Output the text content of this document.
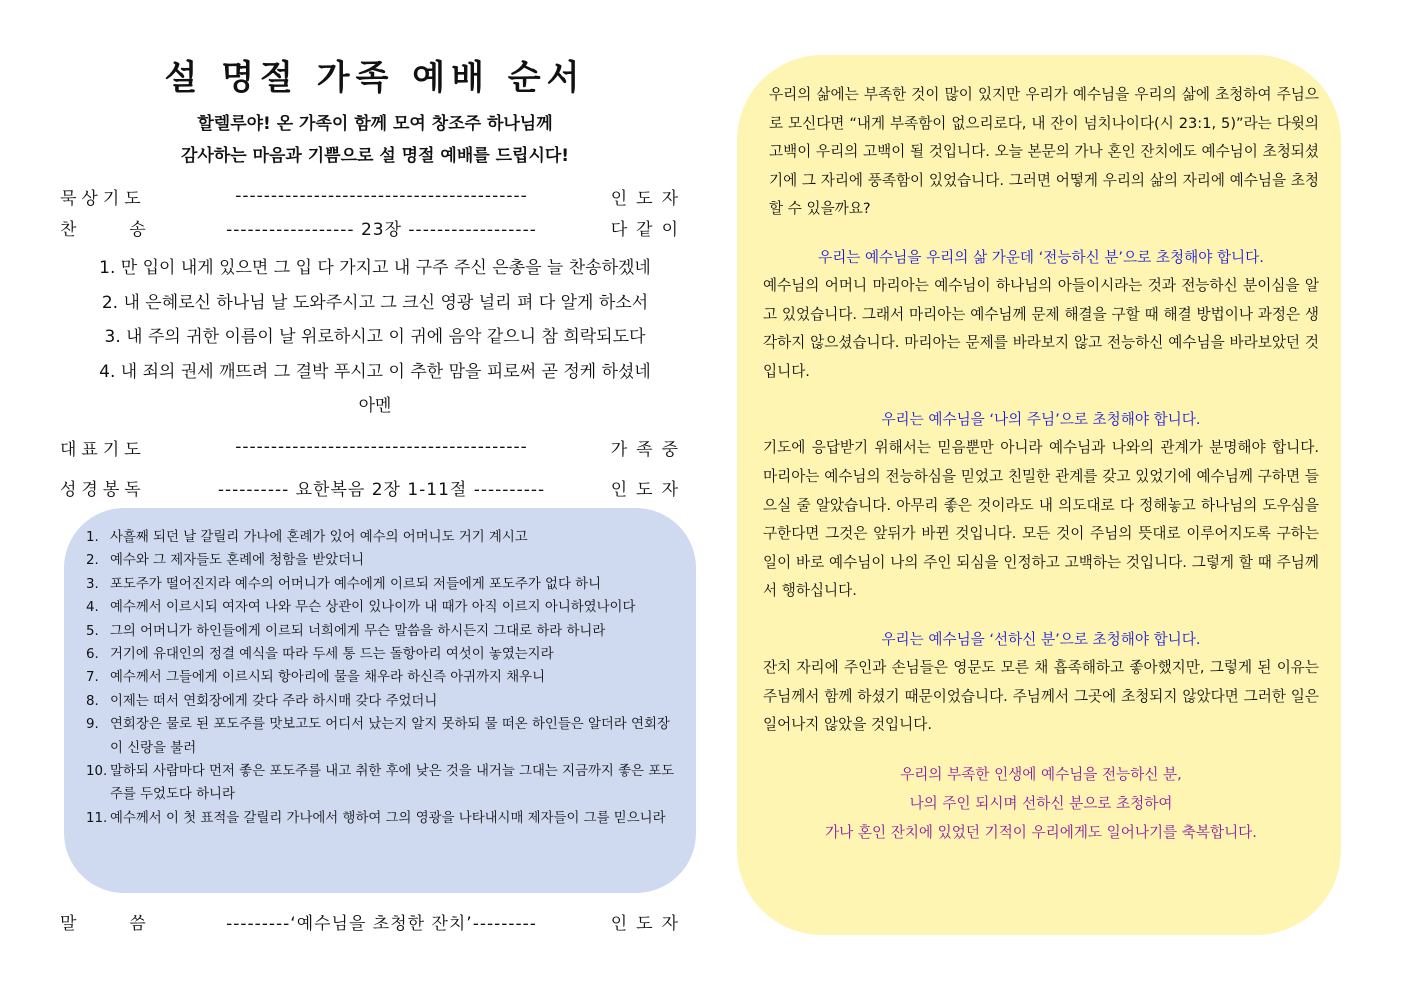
설 명절 가족 예배 순서
할렐루야! 온 가족이 함께 모여 창조주 하나님께
감사하는 마음과 기쁨으로 설 명절 예배를 드립시다!
묵상기도	-----------------------------------------	인도자
찬  송	------------------ 23장 ------------------	다같이
1. 만 입이 내게 있으면 그 입 다 가지고 내 구주 주신 은총을 늘 찬송하겠네
2. 내 은혜로신 하나님 날 도와주시고 그 크신 영광 널리 펴 다 알게 하소서
3. 내 주의 귀한 이름이 날 위로하시고 이 귀에 음악 같으니 참 희락되도다
4. 내 죄의 권세 깨뜨려 그 결박 푸시고 이 추한 맘을 피로써 곧 정케 하셨네
아멘
대표기도	-----------------------------------------	가족중
성경봉독	---------- 요한복음 2장 1-11절 ----------	인도자
1. 사흘째 되던 날 갈릴리 가나에 혼례가 있어 예수의 어머니도 거기 계시고
2. 예수와 그 제자들도 혼례에 청함을 받았더니
3. 포도주가 떨어진지라 예수의 어머니가 예수에게 이르되 저들에게 포도주가 없다 하니
4. 예수께서 이르시되 여자여 나와 무슨 상관이 있나이까 내 때가 아직 이르지 아니하였나이다
5. 그의 어머니가 하인들에게 이르되 너희에게 무슨 말씀을 하시든지 그대로 하라 하니라
6. 거기에 유대인의 정결 예식을 따라 두세 통 드는 돌항아리 여섯이 놓였는지라
7. 예수께서 그들에게 이르시되 항아리에 물을 채우라 하신즉 아귀까지 채우니
8. 이제는 떠서 연회장에게 갖다 주라 하시매 갖다 주었더니
9. 연회장은 물로 된 포도주를 맛보고도 어디서 났는지 알지 못하되 물 떠온 하인들은 알더라 연회장이 신랑을 불러
10. 말하되 사람마다 먼저 좋은 포도주를 내고 취한 후에 낮은 것을 내거늘 그대는 지금까지 좋은 포도주를 두었도다 하니라
11. 예수께서 이 첫 표적을 갈릴리 가나에서 행하여 그의 영광을 나타내시매 제자들이 그를 믿으니라
말  씀	---------‘예수님을 초청한 잔치’---------	인도자
우리의 삶에는 부족한 것이 많이 있지만 우리가 예수님을 우리의 삶에 초청하여 주님으로 모신다면 “내게 부족함이 없으리로다, 내 잔이 넘치나이다(시 23:1, 5)”라는 다윗의 고백이 우리의 고백이 될 것입니다. 오늘 본문의 가나 혼인 잔치에도 예수님이 초청되셨기에 그 자리에 풍족함이 있었습니다. 그러면 어떻게 우리의 삶의 자리에 예수님을 초청할 수 있을까요?
우리는 예수님을 우리의 삶 가운데 ‘전능하신 분’으로 초청해야 합니다.
예수님의 어머니 마리아는 예수님이 하나님의 아들이시라는 것과 전능하신 분이심을 알고 있었습니다. 그래서 마리아는 예수님께 문제 해결을 구할 때 해결 방법이나 과정은 생각하지 않으셨습니다. 마리아는 문제를 바라보지 않고 전능하신 예수님을 바라보았던 것입니다.
우리는 예수님을 ‘나의 주님’으로 초청해야 합니다.
기도에 응답받기 위해서는 믿음뿐만 아니라 예수님과 나와의 관계가 분명해야 합니다. 마리아는 예수님의 전능하심을 믿었고 친밀한 관계를 갖고 있었기에 예수님께 구하면 들으실 줄 알았습니다. 아무리 좋은 것이라도 내 의도대로 다 정해놓고 하나님의 도우심을 구한다면 그것은 앞뒤가 바뀐 것입니다. 모든 것이 주님의 뜻대로 이루어지도록 구하는 일이 바로 예수님이 나의 주인 되심을 인정하고 고백하는 것입니다. 그렇게 할 때 주님께서 행하십니다.
우리는 예수님을 ‘선하신 분’으로 초청해야 합니다.
잔치 자리에 주인과 손님들은 영문도 모른 채 흡족해하고 좋아했지만, 그렇게 된 이유는 주님께서 함께 하셨기 때문이었습니다. 주님께서 그곳에 초청되지 않았다면 그러한 일은 일어나지 않았을 것입니다.
우리의 부족한 인생에 예수님을 전능하신 분,
나의 주인 되시며 선하신 분으로 초청하여
가나 혼인 잔치에 있었던 기적이 우리에게도 일어나기를 축복합니다.
